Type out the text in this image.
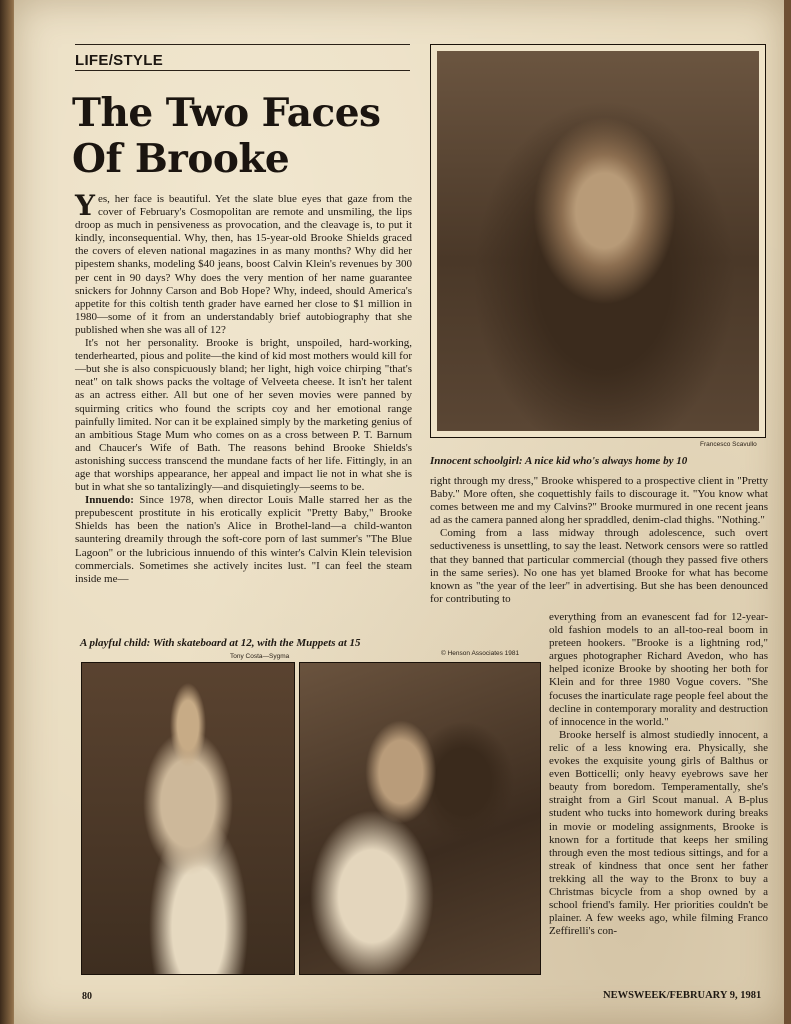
LIFE/STYLE
The Two Faces Of Brooke

Yes, her face is beautiful. Yet the slate blue eyes that gaze from the cover of February's Cosmopolitan are remote and unsmiling, the lips droop as much in pensiveness as provocation, and the cleavage is, to put it kindly, inconsequential. Why, then, has 15-year-old Brooke Shields graced the covers of eleven national magazines in as many months? Why did her pipestem shanks, modeling $40 jeans, boost Calvin Klein's revenues by 300 per cent in 90 days? Why does the very mention of her name guarantee snickers for Johnny Carson and Bob Hope? Why, indeed, should America's appetite for this coltish tenth grader have earned her close to $1 million in 1980—some of it from an understandably brief autobiography that she published when she was all of 12?

It's not her personality. Brooke is bright, unspoiled, hard-working, tenderhearted, pious and polite—the kind of kid most mothers would kill for—but she is also conspicuously bland; her light, high voice chirping "that's neat" on talk shows packs the voltage of Velveeta cheese. It isn't her talent as an actress either. All but one of her seven movies were panned by squirming critics who found the scripts coy and her emotional range painfully limited. Nor can it be explained simply by the marketing genius of an ambitious Stage Mum who comes on as a cross between P. T. Barnum and Chaucer's Wife of Bath. The reasons behind Brooke Shields's astonishing success transcend the mundane facts of her life. Fittingly, in an age that worships appearance, her appeal and impact lie not in what she is but in what she so tantalizingly—and disquietingly—seems to be.

Innuendo: Since 1978, when director Louis Malle starred her as the prepubescent prostitute in his erotically explicit "Pretty Baby," Brooke Shields has been the nation's Alice in Brothel-land—a child-wanton sauntering dreamily through the soft-core porn of last summer's "The Blue Lagoon" or the lubricious innuendo of this winter's Calvin Klein television commercials. Sometimes she actively incites lust. "I can feel the steam inside me—

Francesco Scavullo
Innocent schoolgirl: A nice kid who's always home by 10

right through my dress," Brooke whispered to a prospective client in "Pretty Baby." More often, she coquettishly fails to discourage it. "You know what comes between me and my Calvins?" Brooke murmured in one recent jeans ad as the camera panned along her spraddled, denim-clad thighs. "Nothing."

Coming from a lass midway through adolescence, such overt seductiveness is unsettling, to say the least. Network censors were so rattled that they banned that particular commercial (though they passed five others in the same series). No one has yet blamed Brooke for what has become known as "the year of the leer" in advertising. But she has been denounced for contributing to

everything from an evanescent fad for 12-year-old fashion models to an all-too-real boom in preteen hookers. "Brooke is a lightning rod," argues photographer Richard Avedon, who has helped iconize Brooke by shooting her both for Klein and for three 1980 Vogue covers. "She focuses the inarticulate rage people feel about the decline in contemporary morality and destruction of innocence in the world."

Brooke herself is almost studiedly innocent, a relic of a less knowing era. Physically, she evokes the exquisite young girls of Balthus or even Botticelli; only heavy eyebrows save her beauty from boredom. Temperamentally, she's straight from a Girl Scout manual. A B-plus student who tucks into homework during breaks in movie or modeling assignments, Brooke is known for a fortitude that keeps her smiling through even the most tedious sittings, and for a streak of kindness that once sent her father trekking all the way to the Bronx to buy a Christmas bicycle from a shop owned by a school friend's family. Her priorities couldn't be plainer. A few weeks ago, while filming Franco Zeffirelli's con-

A playful child: With skateboard at 12, with the Muppets at 15
Tony Costa—Sygma	© Henson Associates 1981
80	NEWSWEEK/FEBRUARY 9, 1981
